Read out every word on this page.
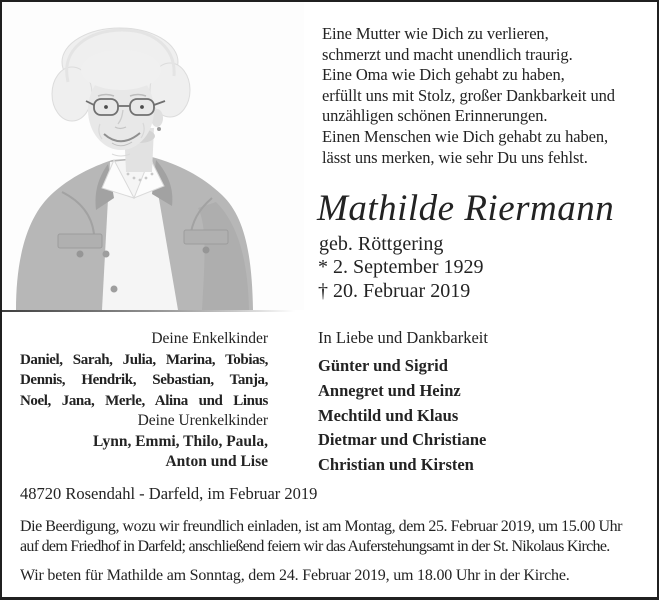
Eine Mutter wie Dich zu verlieren,
schmerzt und macht unendlich traurig.
Eine Oma wie Dich gehabt zu haben,
erfüllt uns mit Stolz, großer Dankbarkeit und
unzähligen schönen Erinnerungen.
Einen Menschen wie Dich gehabt zu haben,
lässt uns merken, wie sehr Du uns fehlst.
Mathilde Riermann
geb. Röttgering
* 2. September 1929
† 20. Februar 2019
Deine Enkelkinder
Daniel, Sarah, Julia, Marina, Tobias,
Dennis, Hendrik, Sebastian, Tanja,
Noel, Jana, Merle, Alina und Linus
Deine Urenkelkinder
Lynn, Emmi, Thilo, Paula,
Anton und Lise
In Liebe und Dankbarkeit
Günter und Sigrid
Annegret und Heinz
Mechtild und Klaus
Dietmar und Christiane
Christian und Kirsten
48720 Rosendahl - Darfeld, im Februar 2019
Die Beerdigung, wozu wir freundlich einladen, ist am Montag, dem 25. Februar 2019, um 15.00 Uhr
auf dem Friedhof in Darfeld; anschließend feiern wir das Auferstehungsamt in der St. Nikolaus Kirche.
Wir beten für Mathilde am Sonntag, dem 24. Februar 2019, um 18.00 Uhr in der Kirche.
